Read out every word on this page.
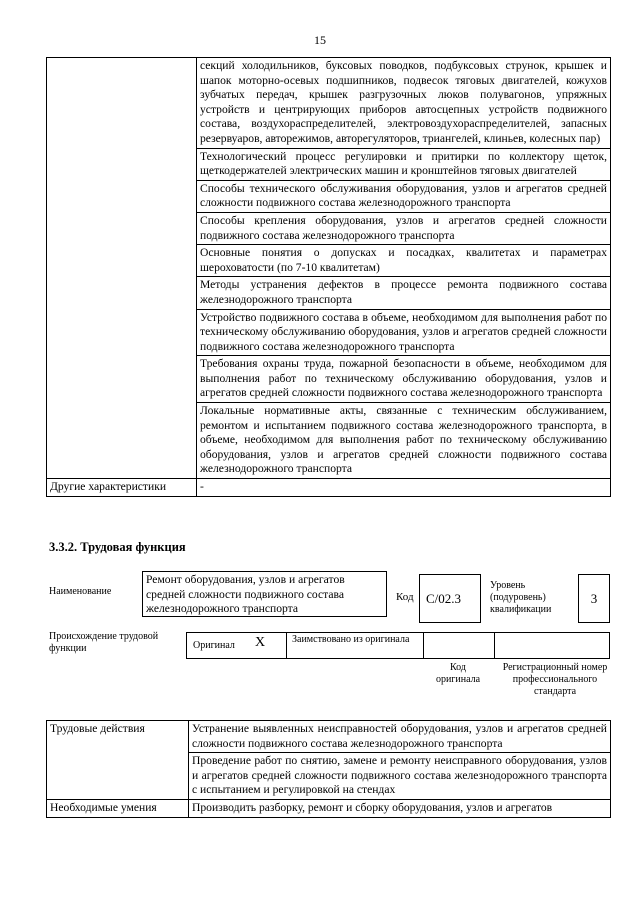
15
	секций холодильников, буксовых поводков, подбуксовых струнок, крышек и шапок моторно-осевых подшипников, подвесок тяговых двигателей, кожухов зубчатых передач, крышек разгрузочных люков полувагонов, упряжных устройств и центрирующих приборов автосцепных устройств подвижного состава, воздухораспределителей, электровоздухораспределителей, запасных резервуаров, авторежимов, авторегуляторов, триангелей, клиньев, колесных пар)
	Технологический процесс регулировки и притирки по коллектору щеток, щеткодержателей электрических машин и кронштейнов тяговых двигателей
	Способы технического обслуживания оборудования, узлов и агрегатов средней сложности подвижного состава железнодорожного транспорта
	Способы крепления оборудования, узлов и агрегатов средней сложности подвижного состава железнодорожного транспорта
	Основные понятия о допусках и посадках, квалитетах и параметрах шероховатости (по 7-10 квалитетам)
	Методы устранения дефектов в процессе ремонта подвижного состава железнодорожного транспорта
	Устройство подвижного состава в объеме, необходимом для выполнения работ по техническому обслуживанию оборудования, узлов и агрегатов средней сложности подвижного состава железнодорожного транспорта
	Требования охраны труда, пожарной безопасности в объеме, необходимом для выполнения работ по техническому обслуживанию оборудования, узлов и агрегатов средней сложности подвижного состава железнодорожного транспорта
	Локальные нормативные акты, связанные с техническим обслуживанием, ремонтом и испытанием подвижного состава железнодорожного транспорта, в объеме, необходимом для выполнения работ по техническому обслуживанию оборудования, узлов и агрегатов средней сложности подвижного состава железнодорожного транспорта
Другие характеристики	-
3.3.2. Трудовая функция
Наименование
Ремонт оборудования, узлов и агрегатов средней сложности подвижного состава железнодорожного транспорта
Код С/02.3
Уровень (подуровень) квалификации
3
Происхождение трудовой функции	Оригинал X	Заимствовано из оригинала
Код оригинала
Регистрационный номер профессионального стандарта
Трудовые действия	Устранение выявленных неисправностей оборудования, узлов и агрегатов средней сложности подвижного состава железнодорожного транспорта
	Проведение работ по снятию, замене и ремонту неисправного оборудования, узлов и агрегатов средней сложности подвижного состава железнодорожного транспорта с испытанием и регулировкой на стендах
Необходимые умения	Производить разборку, ремонт и сборку оборудования, узлов и агрегатов
